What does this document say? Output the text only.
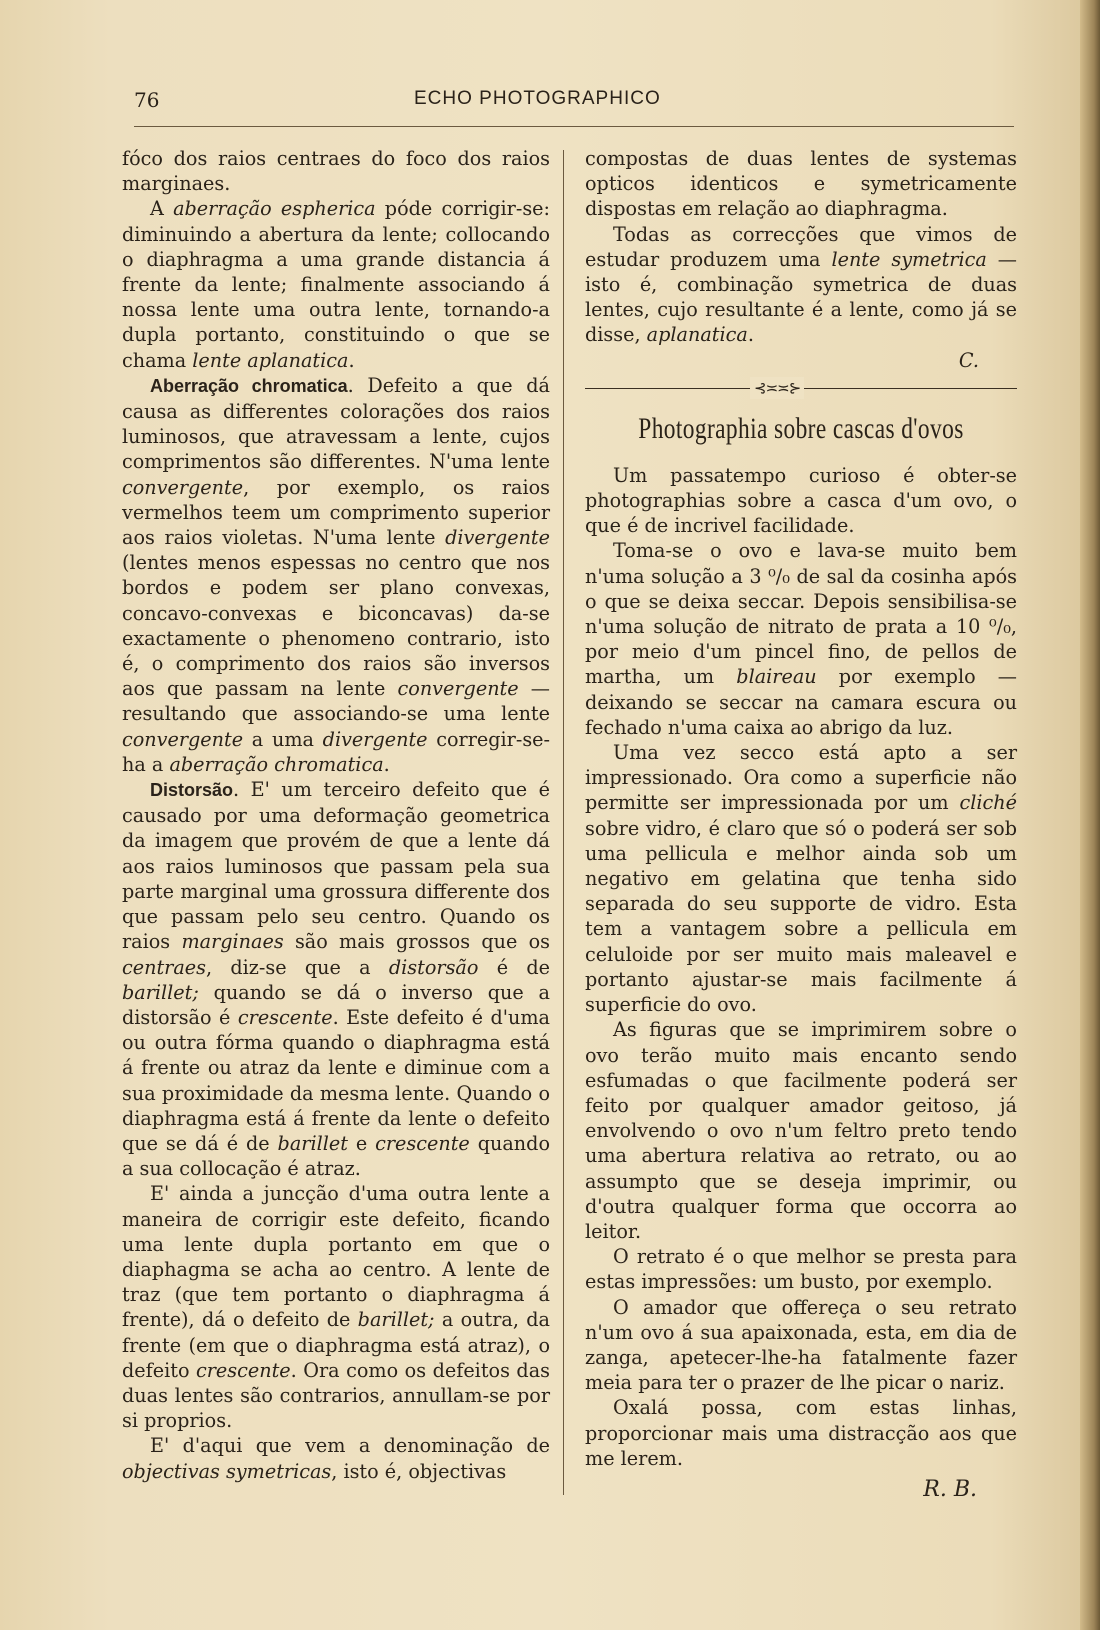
76	ECHO PHOTOGRAPHICO

fóco dos raios centraes do foco dos raios marginaes.

A aberração espherica póde corrigir-se: diminuindo a abertura da lente; collocando o diaphragma a uma grande distancia á frente da lente; finalmente associando á nossa lente uma outra lente, tornando-a dupla portanto, constituindo o que se chama lente aplanatica.

Aberração chromatica. Defeito a que dá causa as differentes colorações dos raios luminosos, que atravessam a lente, cujos comprimentos são differentes. N'uma lente convergente, por exemplo, os raios vermelhos teem um comprimento superior aos raios violetas. N'uma lente divergente (lentes menos espessas no centro que nos bordos e podem ser plano convexas, concavo-convexas e biconcavas) da-se exactamente o phenomeno contrario, isto é, o comprimento dos raios são inversos aos que passam na lente convergente — resultando que associando-se uma lente convergente a uma divergente corregir-se-ha a aberração chromatica.

Distorsão. E' um terceiro defeito que é causado por uma deformação geometrica da imagem que provém de que a lente dá aos raios luminosos que passam pela sua parte marginal uma grossura differente dos que passam pelo seu centro. Quando os raios marginaes são mais grossos que os centraes, diz-se que a distorsão é de barillet; quando se dá o inverso que a distorsão é crescente. Este defeito é d'uma ou outra fórma quando o diaphragma está á frente ou atraz da lente e diminue com a sua proximidade da mesma lente. Quando o diaphragma está á frente da lente o defeito que se dá é de barillet e crescente quando a sua collocação é atraz.

E' ainda a juncção d'uma outra lente a maneira de corrigir este defeito, ficando uma lente dupla portanto em que o diaphagma se acha ao centro. A lente de traz (que tem portanto o diaphragma á frente), dá o defeito de barillet; a outra, da frente (em que o diaphragma está atraz), o defeito crescente. Ora como os defeitos das duas lentes são contrarios, annullam-se por si proprios.

E' d'aqui que vem a denominação de objectivas symetricas, isto é, objectivas

compostas de duas lentes de systemas opticos identicos e symetricamente dispostas em relação ao diaphragma.

Todas as correcções que vimos de estudar produzem uma lente symetrica — isto é, combinação symetrica de duas lentes, cujo resultante é a lente, como já se disse, aplanatica.

C.

⊰≍≍⊱

Photographia sobre cascas d'ovos

Um passatempo curioso é obter-se photographias sobre a casca d'um ovo, o que é de incrivel facilidade.

Toma-se o ovo e lava-se muito bem n'uma solução a 3 ⁰/₀ de sal da cosinha após o que se deixa seccar. Depois sensibilisa-se n'uma solução de nitrato de prata a 10 ⁰/₀, por meio d'um pincel fino, de pellos de martha, um blaireau por exemplo — deixando se seccar na camara escura ou fechado n'uma caixa ao abrigo da luz.

Uma vez secco está apto a ser impressionado. Ora como a superficie não permitte ser impressionada por um cliché sobre vidro, é claro que só o poderá ser sob uma pellicula e melhor ainda sob um negativo em gelatina que tenha sido separada do seu supporte de vidro. Esta tem a vantagem sobre a pellicula em celuloide por ser muito mais maleavel e portanto ajustar-se mais facilmente á superficie do ovo.

As figuras que se imprimirem sobre o ovo terão muito mais encanto sendo esfumadas o que facilmente poderá ser feito por qualquer amador geitoso, já envolvendo o ovo n'um feltro preto tendo uma abertura relativa ao retrato, ou ao assumpto que se deseja imprimir, ou d'outra qualquer forma que occorra ao leitor.

O retrato é o que melhor se presta para estas impressões: um busto, por exemplo.

O amador que offereça o seu retrato n'um ovo á sua apaixonada, esta, em dia de zanga, apetecer-lhe-ha fatalmente fazer meia para ter o prazer de lhe picar o nariz.

Oxalá possa, com estas linhas, proporcionar mais uma distracção aos que me lerem.

R. B.
